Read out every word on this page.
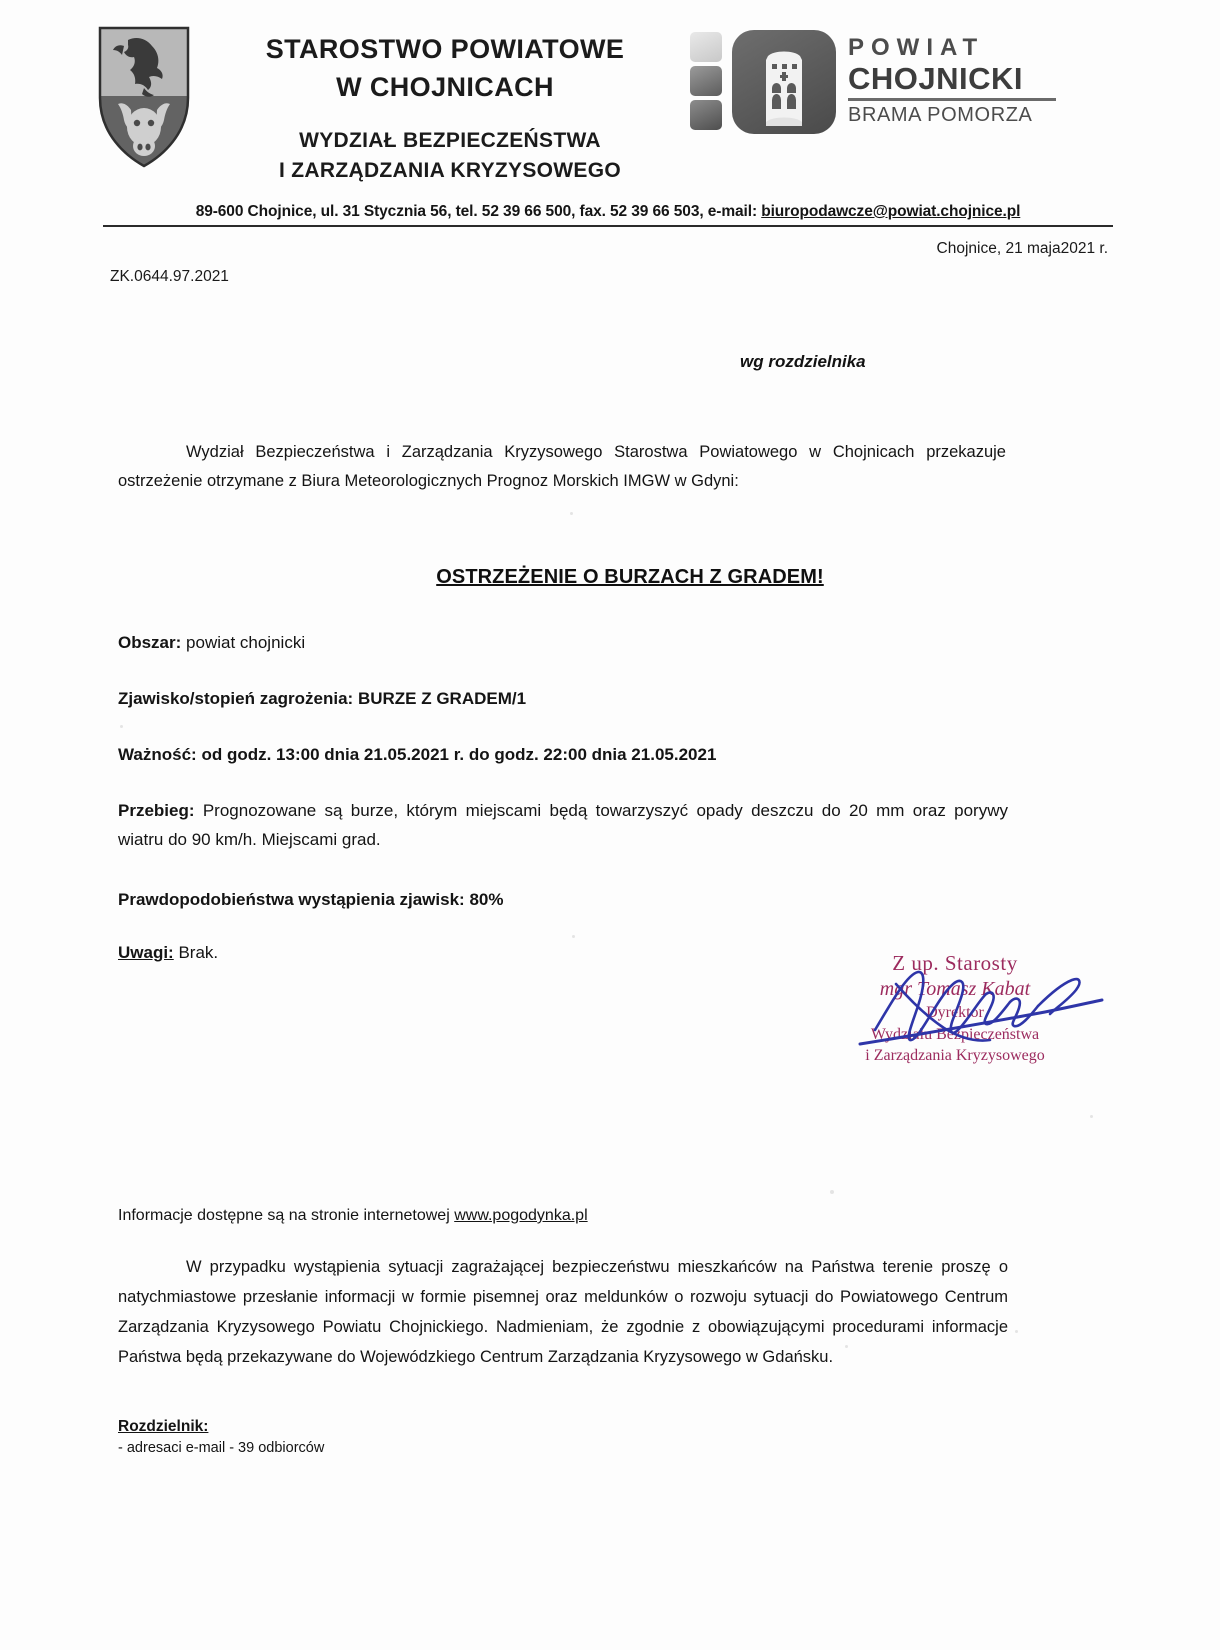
STAROSTWO POWIATOWE
W CHOJNICACH
WYDZIAŁ BEZPIECZEŃSTWA
I ZARZĄDZANIA KRYZYSOWEGO
POWIAT
CHOJNICKI
BRAMA POMORZA
89-600 Chojnice, ul. 31 Stycznia 56, tel. 52 39 66 500, fax. 52 39 66 503, e-mail: biuropodawcze@powiat.chojnice.pl
Chojnice, 21 maja2021 r.
ZK.0644.97.2021
wg rozdzielnika
Wydział Bezpieczeństwa i Zarządzania Kryzysowego Starostwa Powiatowego w Chojnicach przekazuje ostrzeżenie otrzymane z Biura Meteorologicznych Prognoz Morskich IMGW w Gdyni:
OSTRZEŻENIE O BURZACH Z GRADEM!
Obszar: powiat chojnicki
Zjawisko/stopień zagrożenia: BURZE Z GRADEM/1
Ważność: od godz. 13:00 dnia 21.05.2021 r. do godz. 22:00 dnia 21.05.2021
Przebieg: Prognozowane są burze, którym miejscami będą towarzyszyć opady deszczu do 20 mm oraz porywy wiatru do 90 km/h. Miejscami grad.
Prawdopodobieństwa wystąpienia zjawisk: 80%
Uwagi: Brak.	Z up. Starosty
mgr Tomasz Kabat
Dyrektor
Wydziału Bezpieczeństwa
i Zarządzania Kryzysowego
Informacje dostępne są na stronie internetowej www.pogodynka.pl
W przypadku wystąpienia sytuacji zagrażającej bezpieczeństwu mieszkańców na Państwa terenie proszę o natychmiastowe przesłanie informacji w formie pisemnej oraz meldunków o rozwoju sytuacji do Powiatowego Centrum Zarządzania Kryzysowego Powiatu Chojnickiego. Nadmieniam, że zgodnie z obowiązującymi procedurami informacje Państwa będą przekazywane do Wojewódzkiego Centrum Zarządzania Kryzysowego w Gdańsku.
Rozdzielnik:
- adresaci e-mail - 39 odbiorców
